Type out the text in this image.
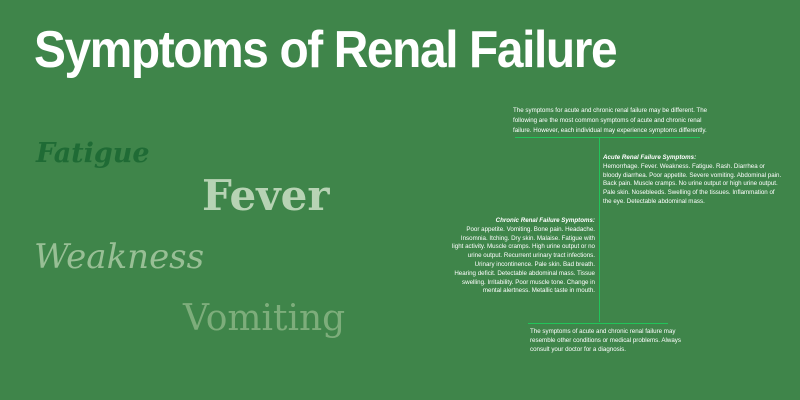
Symptoms of Renal Failure
Fatigue
Fever
Weakness
Vomiting
The symptoms for acute and chronic renal failure may be different. The following are the most common symptoms of acute and chronic renal failure. However, each individual may experience symptoms differently.
Acute Renal Failure Symptoms:
Hemorrhage. Fever. Weakness. Fatigue. Rash. Diarrhea or bloody diarrhea. Poor appetite. Severe vomiting. Abdominal pain. Back pain. Muscle cramps. No urine output or high urine output. Pale skin. Nosebleeds. Swelling of the tissues. Inflammation of the eye. Detectable abdominal mass.
Chronic Renal Failure Symptoms:
Poor appetite. Vomiting. Bone pain. Headache. Insomnia. Itching. Dry skin. Malaise. Fatigue with light activity. Muscle cramps. High urine output or no urine output. Recurrent urinary tract infections. Urinary incontinence. Pale skin. Bad breath. Hearing deficit. Detectable abdominal mass. Tissue swelling. Irritability. Poor muscle tone. Change in mental alertness. Metallic taste in mouth.
The symptoms of acute and chronic renal failure may resemble other conditions or medical problems. Always consult your doctor for a diagnosis.
